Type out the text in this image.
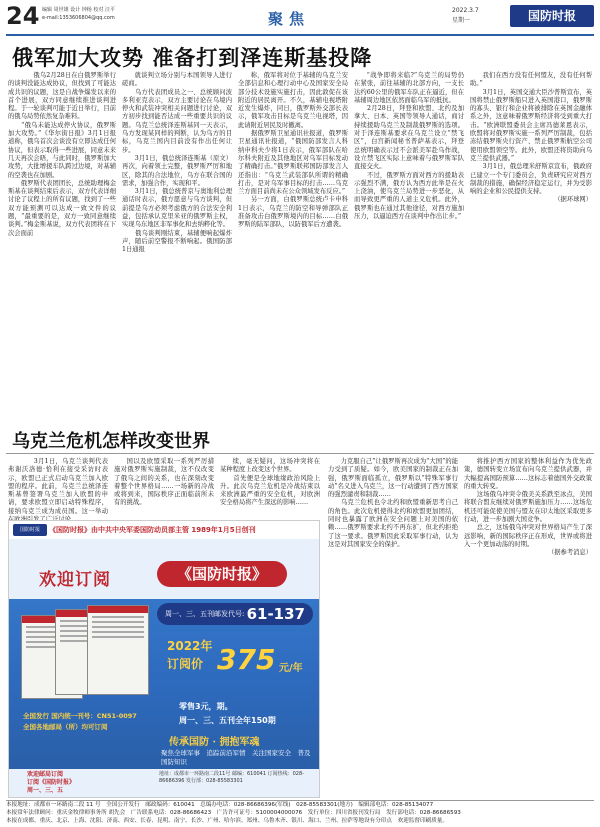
24 编辑 周世雄 设计 钟杨 校对 汪平
e-mail:1353606804@qq.com	聚焦	2022.3.7
星期一	国防时报
俄军加大攻势 准备打到泽连斯基投降

　　俄乌2月28日在白俄罗斯举行的谈判没能达成协议，但找到了可能达成共识的议题，这是自战争爆发以来的首个进展，双方同意继续推进谈判进程。于一轮谈判可能于近日举行，目前的俄乌局势依然复杂难料。
　　“俄乌未能达成停火协议，俄罗斯加大攻势。”《华尔街日报》3月1日报道称，俄乌首次会谈没有立即达成任何协议，但表示取得一些进展，同意未来几天再次会晤，与此同时，俄罗斯加大攻势，大批增援车队跨过边境，对基辅的空袭也在加剧。
　　俄罗斯代表团团长，总统助理梅金斯基在谈判结束后表示，双方代表详细讨论了议程上的所有议题，找到了一些双方能预测可以达成一致文件的议题，“最重要的是，双方一致同意继续谈判。”梅金斯基说，双方代表团将在下次会面前

就谈判立场分别与本国领导人进行磋商。
　　乌方代表团成员之一、总统顾问波多利亚克表示，双方主要讨论在乌境内停火和武装冲突相关问题进行讨论，双方初步找到能否达成一些重要共识的议题。乌克兰总统泽连斯基同一天表示，乌方发现某同样的判断，认为乌方的目标，乌克兰国内目前没有作出任何让步。
　　3月1日，俄总统泽连斯基（原文）再次，向着领土完整，俄罗斯严厉和地区，除其的合法地位，乌方在联合国的需求，加强合作，实现和平。
　　3月1日，俄总统普京与奥地利总理通话时表示，俄方愿意与乌方谈判，但前提是乌方必须考虑俄方的合法安全利益，包括承认克里米亚的俄罗斯主权，实现乌东地区非军事化和去纳粹化等。
　　俄乌谈判刚结束，基辅便响起爆炸声，随后前空警报不断响起。俄国防部1日通报

称，俄军将对位于基辅的乌克兰安全部信息和心理行动中心及国家安全局部分技术设施实施打击，因此敦促在该附近的居民离开。不久，基辅电视塔附近发生爆炸，同日，俄罗斯外交部长表示，俄军攻击目标是乌克兰电视塔，因此请附近居民及时撤离。
　　据俄罗斯卫星通讯社报道，俄罗斯卫星通讯社报道，“俄国防部发言人科纳申科夫少将1日表示，俄军部队在哈尔科夫附近及其他地区对乌军目标发动了精确打击。”俄罗斯联邦国防部发言人还指出：“乌克兰武装部队所谓的精确打击，是对乌军事目标的打击……乌克兰方面目前尚未在公众领域发布反应。”
　　另一方面，白俄罗斯总统卢卡申科1日表示，乌克兰的防空和导弹部队正准备攻击白俄罗斯境内的目标……白俄罗斯的陆军部队，以防俄军后方遭袭。

“战争即将来临?”乌克兰的局势仍在紧张，前往基辅的北部方向，一支长达约60公里的俄军车队正在逼近，但在基辅周边地区依然面临乌军的抵抗。
　　2月28日，拜登和欧盟、北约及加拿大、日本、英国等领导人通话，商讨持续援助乌克兰及制裁俄罗斯的选项。对于泽连斯基要求在乌克兰设立“禁飞区”，白宫新闻秘书普萨基表示，拜登总统明确表示过不会派美军赴乌作战，设立禁飞区实际上意味着与俄罗斯军队直接交火。
　　不过，俄罗斯方面对西方的援助表示强烈不满，俄方认为西方此举是在火上浇油，使乌克兰局势进一步恶化，从而导致更严重的人道主义危机。此外，俄罗斯也在通过其他途径，对西方施加压力，以逼迫西方在谈判中作出让步。”

我们在西方没有任何盟友，没有任何帮助。”
　　3月1日，英国交通大臣沙普斯宣布，英国将禁止俄罗斯船只进入英国港口，俄罗斯的寡头、银行和企业将被排除在英国金融体系之外，这意味着俄罗斯经济将受到重大打击。“欧洲联盟委员会主席冯德莱恩表示，欧盟将对俄罗斯实施一系列严厉制裁，包括冻结俄罗斯央行资产、禁止俄罗斯航空公司使用欧盟领空等。此外，欧盟还将资助向乌克兰提供武器。”
　　3月1日，俄总理米舒斯京宣布，俄政府已建立一个专门委员会，负责研究应对西方制裁的措施，确保经济稳定运行，并为受影响的企业和公民提供支持。

（据环球网）
乌克兰危机怎样改变世界

　　3月1日，乌克兰谈判代表弗谢沃洛德·恰利在接受采访时表示，欧盟已正式启动乌克兰加入欧盟的程序。此前，乌克兰总统泽连斯基曾签署乌克兰加入欧盟的申请，要求欧盟立即启动特殊程序，接纳乌克兰成为成员国。这一举动

国以及欧盟采取一系列严厉措施对俄罗斯实施制裁，这不仅改变了俄乌之间的关系，也在深刻改变着整个世界格局……一场新的冷战或将到来，国际秩序正面临前所未有的挑战。

续，毫无疑问，这场冲突将在某种程度上改变这个世界。
　　首先便是全球地缘政治风险上升。此次乌克兰危机是冷战结束以来欧洲最严重的安全危机，对欧洲安全格局将产生深远的影响……

力克服自己”让俄罗斯再次成为“大国”的能力受到了质疑。如今，欧美国家的制裁正在加强，俄罗斯面临孤立，俄罗斯以“特殊军事行动”名义进入乌克兰，这一行动遭到了西方国家的强烈谴责和制裁……
　　乌克兰危机也令北约和欧盟重新思考自己的角色。此次危机使得北约和欧盟更加团结，同时也暴露了欧洲在安全问题上对美国的依赖……俄罗斯要求北约不再东扩，但北约拒绝了这一要求。俄罗斯因此采取军事行动，认为这是对其国家安全的保护。

将推护西方国家的整体利益作为优先政策，德国转变立场宣布向乌克兰提供武器，并大幅提高国防预算……这标志着德国外交政策的重大转变。
　　这场俄乌冲突令俄美关系跌至冰点，美国将联合盟友继续对俄罗斯施加压力……这场危机还可能促使美国与盟友在印太地区采取更多行动，进一步加剧大国竞争。
　　总之，这场俄乌冲突对世界格局产生了深远影响，新的国际秩序正在形成，世界或将进入一个更加动荡的时期。

（据参考消息）
《国防时报》由中共中央军委国防动员部主管 1989年1月5日创刊
国防时报
欢迎订阅	《国防时报》
周一、三、五刊邮发代号: 61-137
2022年
订阅价 375 元/年
零售3元，期。
周一、三、五刊全年150期
全国发行 国内统一刊号：CN51-0097
全国各地邮局（所）均可订阅
传承国防 · 拥抱军魂
聚焦全球军事　追踪前沿军情　关注国家安全　普及国防知识
欢迎邮局订阅
订阅《国防时报》
周一、三、五
地址：成都市一环路南二段11号 邮编：610041 订阅热线：028-86686396 发行部：028-85583301
本报地址：成都市一环路南二段 11 号　全国公开发行　邮政编码：610041　总编办电话：028-86686396(军线)　028-85583301(地方)　编辑部电话：028-85134077
本报常年法律顾问：重庆金牧律师事务所 胡先会　广告联系电话：028-86686423　广告许可证号：5100004000076　发行单位：四川省报刊发行局　发行部电话：028-86686593
本报在成都、重庆、北京、上海、沈阳、济南、西安、长春、昆明、南宁、长沙、广州、哈尔滨、郑州、乌鲁木齐、银川、海口、兰州、拉萨等地设有分印点　欢迎监督印刷质量。
